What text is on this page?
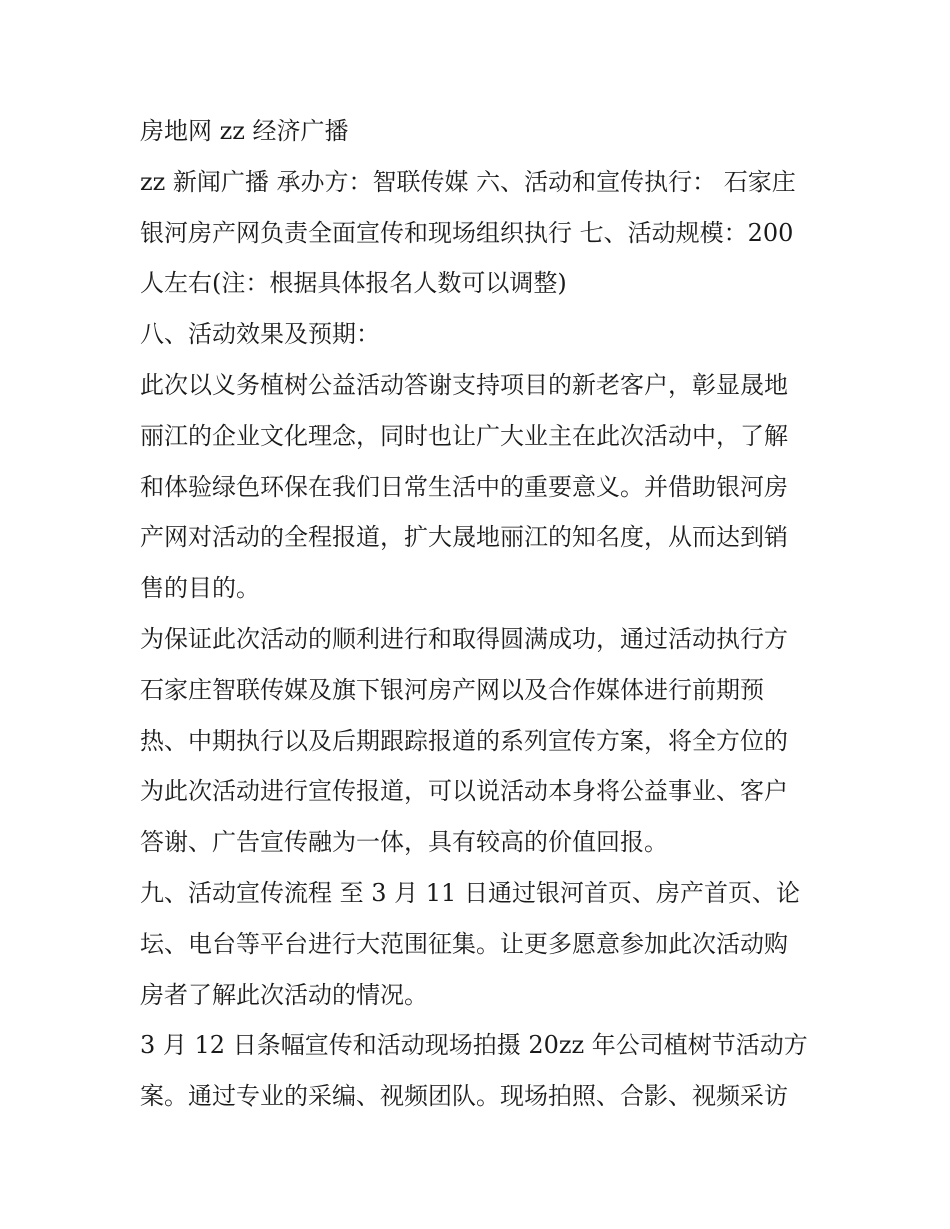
房地网 zz 经济广播
zz 新闻广播 承办方：智联传媒 六、活动和宣传执行： 石家庄
银河房产网负责全面宣传和现场组织执行 七、活动规模：200
人左右(注：根据具体报名人数可以调整)
八、活动效果及预期：
此次以义务植树公益活动答谢支持项目的新老客户，彰显晟地
丽江的企业文化理念，同时也让广大业主在此次活动中，了解
和体验绿色环保在我们日常生活中的重要意义。并借助银河房
产网对活动的全程报道，扩大晟地丽江的知名度，从而达到销
售的目的。
为保证此次活动的顺利进行和取得圆满成功，通过活动执行方
石家庄智联传媒及旗下银河房产网以及合作媒体进行前期预
热、中期执行以及后期跟踪报道的系列宣传方案，将全方位的
为此次活动进行宣传报道，可以说活动本身将公益事业、客户
答谢、广告宣传融为一体，具有较高的价值回报。
九、活动宣传流程 至 3 月 11 日通过银河首页、房产首页、论
坛、电台等平台进行大范围征集。让更多愿意参加此次活动购
房者了解此次活动的情况。
3 月 12 日条幅宣传和活动现场拍摄 20zz 年公司植树节活动方
案。通过专业的采编、视频团队。现场拍照、合影、视频采访
